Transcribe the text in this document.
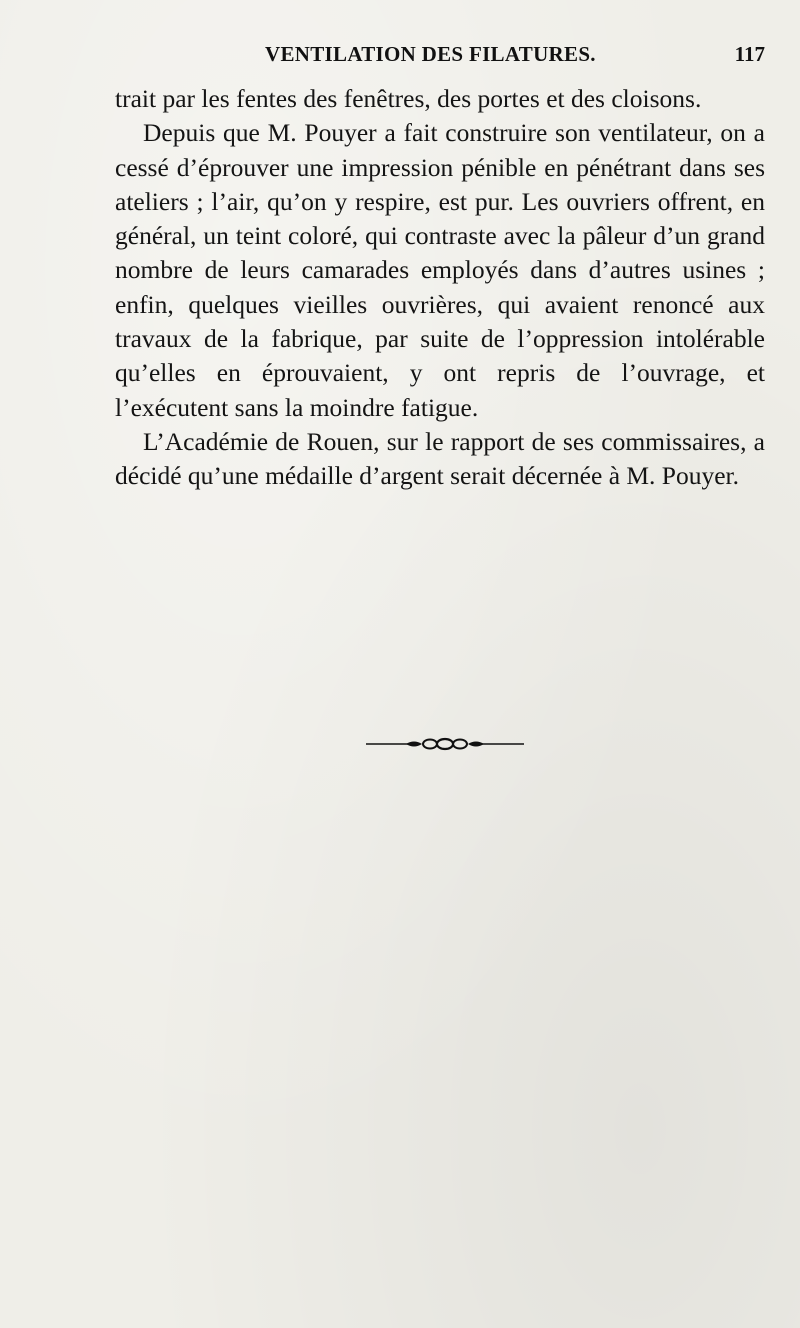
VENTILATION DES FILATURES.	117

trait par les fentes des fenêtres, des portes et des cloisons.

Depuis que M. Pouyer a fait construire son ventilateur, on a cessé d’éprouver une impression pénible en pénétrant dans ses ateliers ; l’air, qu’on y respire, est pur. Les ouvriers offrent, en général, un teint coloré, qui contraste avec la pâleur d’un grand nombre de leurs camarades employés dans d’autres usines ; enfin, quelques vieilles ouvrières, qui avaient renoncé aux travaux de la fabrique, par suite de l’oppression intolérable qu’elles en éprouvaient, y ont repris de l’ouvrage, et l’exécutent sans la moindre fatigue.

L’Académie de Rouen, sur le rapport de ses commissaires, a décidé qu’une médaille d’argent serait décernée à M. Pouyer.
